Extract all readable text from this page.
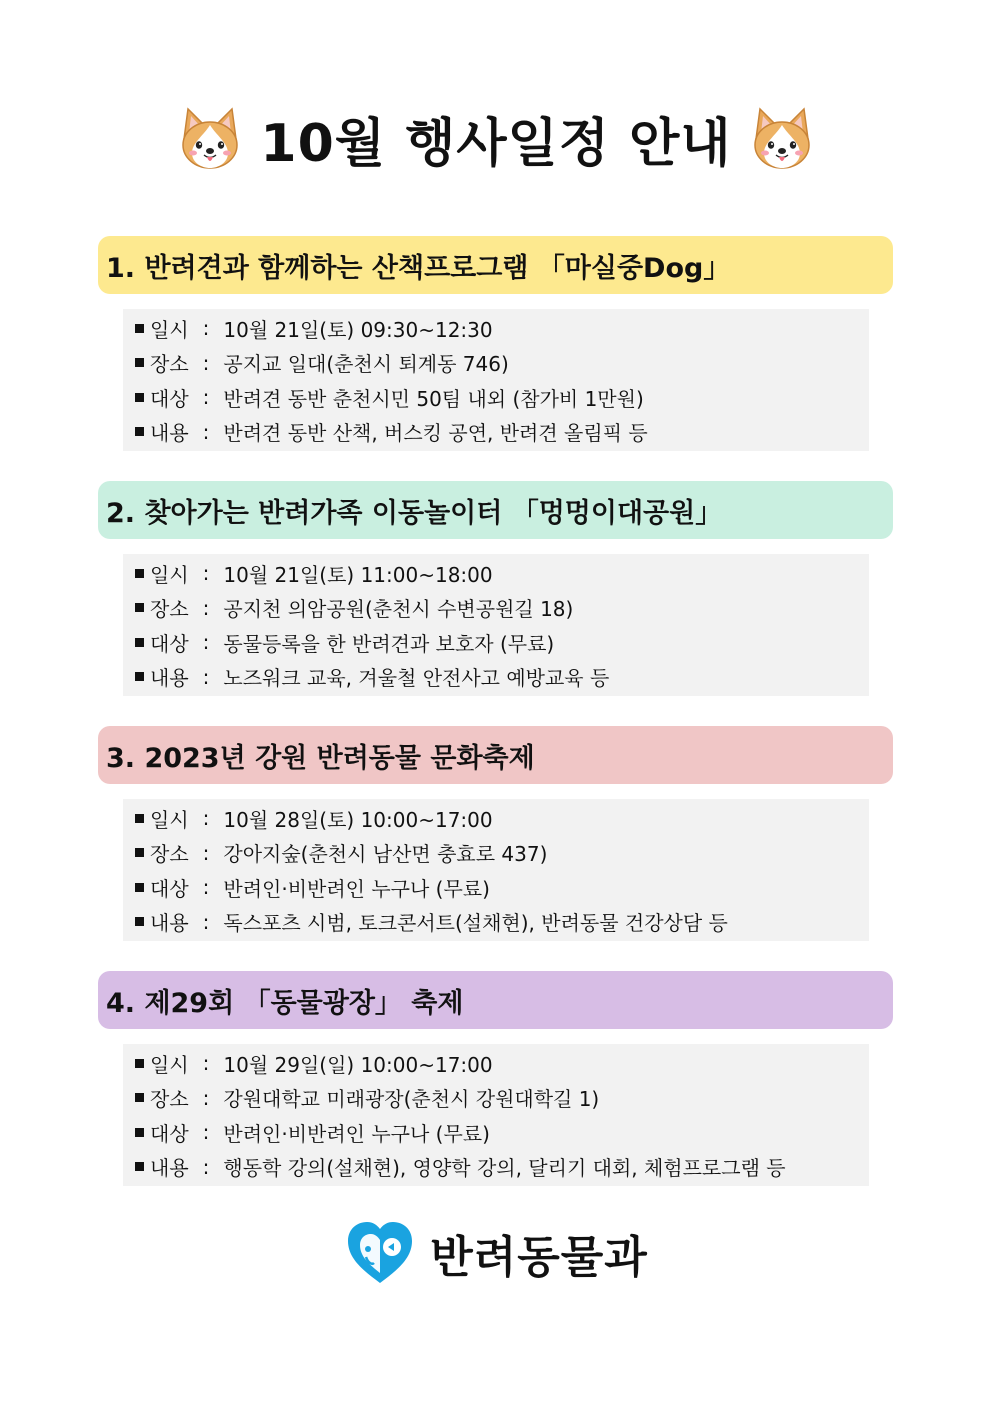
10월 행사일정 안내
1. 반려견과 함께하는 산책프로그램 「마실중Dog」
일시 : 10월 21일(토) 09:30~12:30
장소 : 공지교 일대(춘천시 퇴계동 746)
대상 : 반려견 동반 춘천시민 50팀 내외 (참가비 1만원)
내용 : 반려견 동반 산책, 버스킹 공연, 반려견 올림픽 등
2. 찾아가는 반려가족 이동놀이터 「멍멍이대공원」
일시 : 10월 21일(토) 11:00~18:00
장소 : 공지천 의암공원(춘천시 수변공원길 18)
대상 : 동물등록을 한 반려견과 보호자 (무료)
내용 : 노즈워크 교육, 겨울철 안전사고 예방교육 등
3. 2023년 강원 반려동물 문화축제
일시 : 10월 28일(토) 10:00~17:00
장소 : 강아지숲(춘천시 남산면 충효로 437)
대상 : 반려인·비반려인 누구나 (무료)
내용 : 독스포츠 시범, 토크콘서트(설채현), 반려동물 건강상담 등
4. 제29회 「동물광장」 축제
일시 : 10월 29일(일) 10:00~17:00
장소 : 강원대학교 미래광장(춘천시 강원대학길 1)
대상 : 반려인·비반려인 누구나 (무료)
내용 : 행동학 강의(설채현), 영양학 강의, 달리기 대회, 체험프로그램 등
반려동물과
